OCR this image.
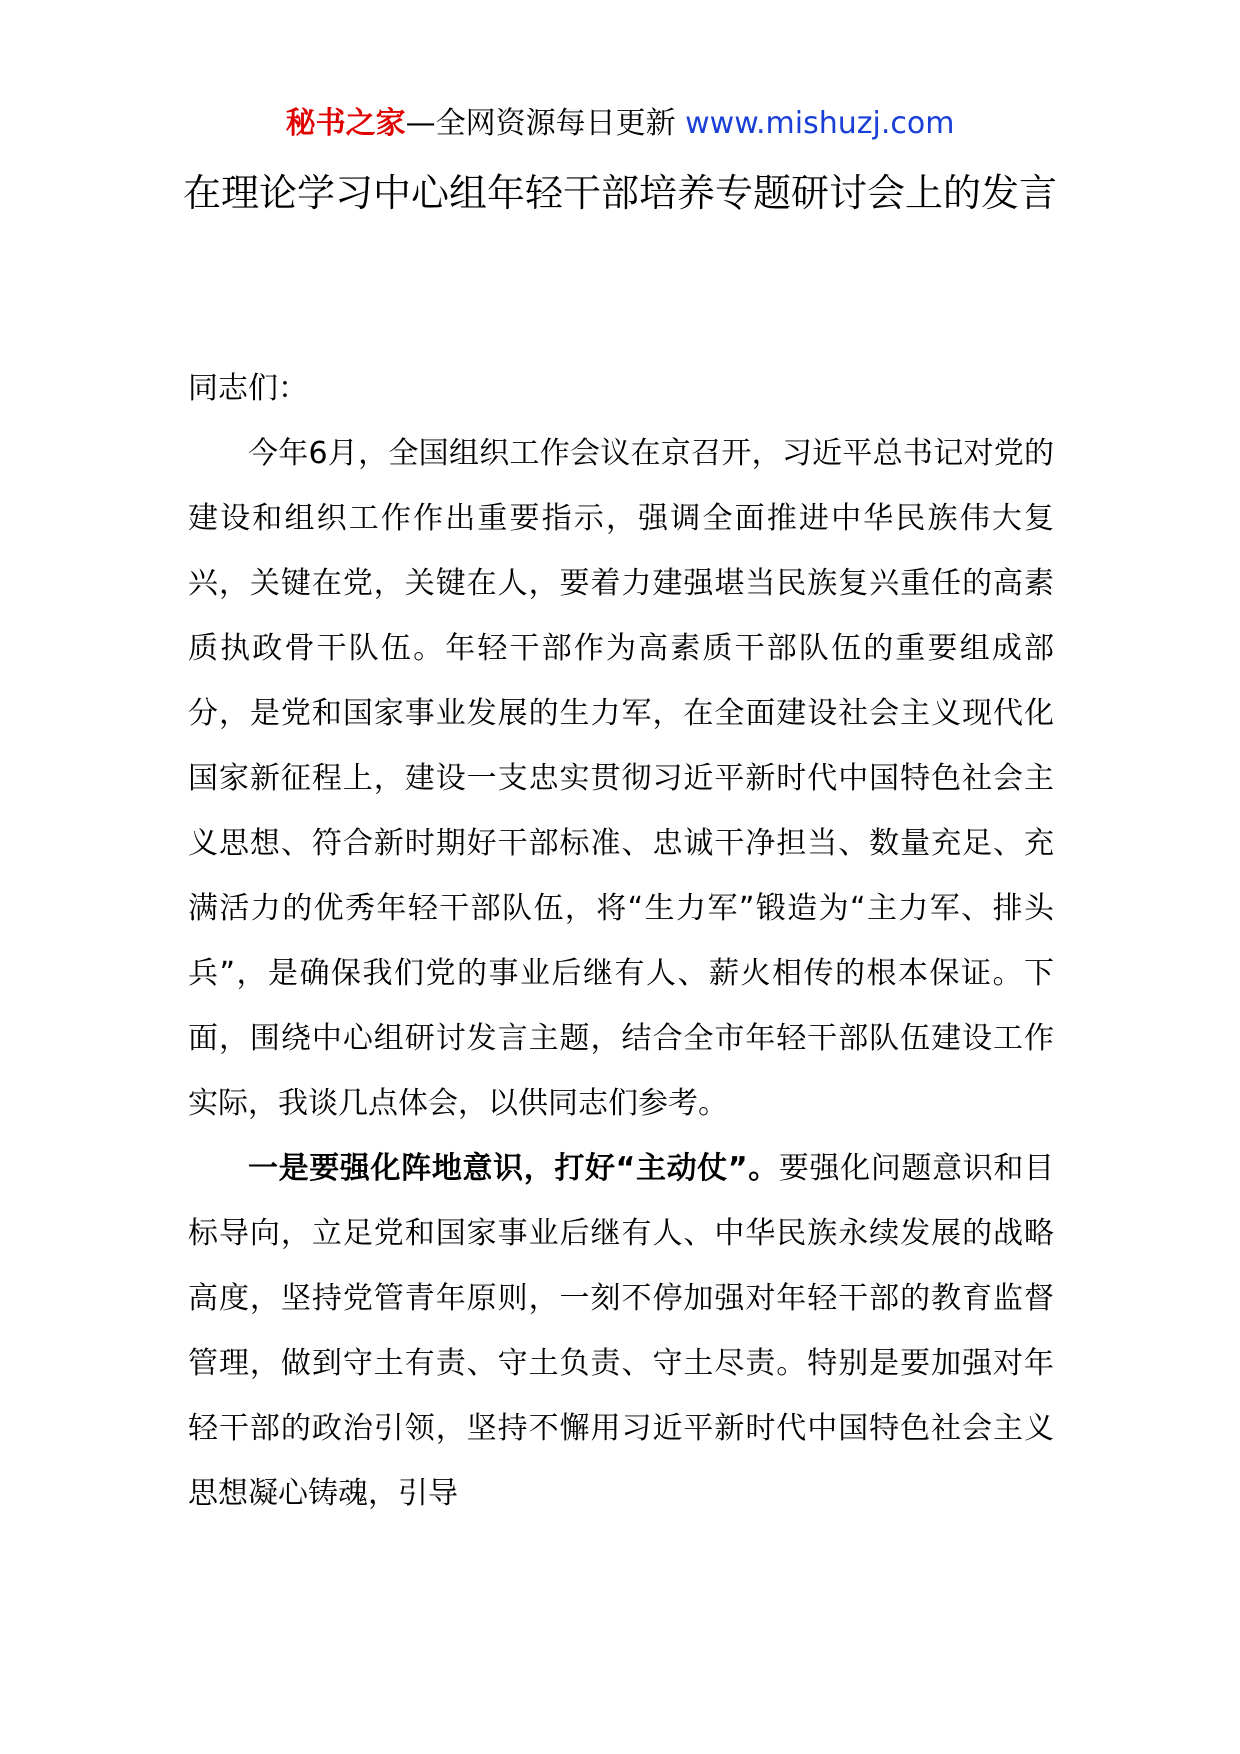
秘书之家—全网资源每日更新 www.mishuzj.com
在理论学习中心组年轻干部培养专题研讨会上的发言

同志们：

今年6月，全国组织工作会议在京召开，习近平总书记对党的建设和组织工作作出重要指示，强调全面推进中华民族伟大复兴，关键在党，关键在人，要着力建强堪当民族复兴重任的高素质执政骨干队伍。年轻干部作为高素质干部队伍的重要组成部分，是党和国家事业发展的生力军，在全面建设社会主义现代化国家新征程上，建设一支忠实贯彻习近平新时代中国特色社会主义思想、符合新时期好干部标准、忠诚干净担当、数量充足、充满活力的优秀年轻干部队伍，将“生力军”锻造为“主力军、排头兵”，是确保我们党的事业后继有人、薪火相传的根本保证。下面，围绕中心组研讨发言主题，结合全市年轻干部队伍建设工作实际，我谈几点体会，以供同志们参考。

一是要强化阵地意识，打好“主动仗”。要强化问题意识和目标导向，立足党和国家事业后继有人、中华民族永续发展的战略高度，坚持党管青年原则，一刻不停加强对年轻干部的教育监督管理，做到守土有责、守土负责、守土尽责。特别是要加强对年轻干部的政治引领，坚持不懈用习近平新时代中国特色社会主义思想凝心铸魂，引导
